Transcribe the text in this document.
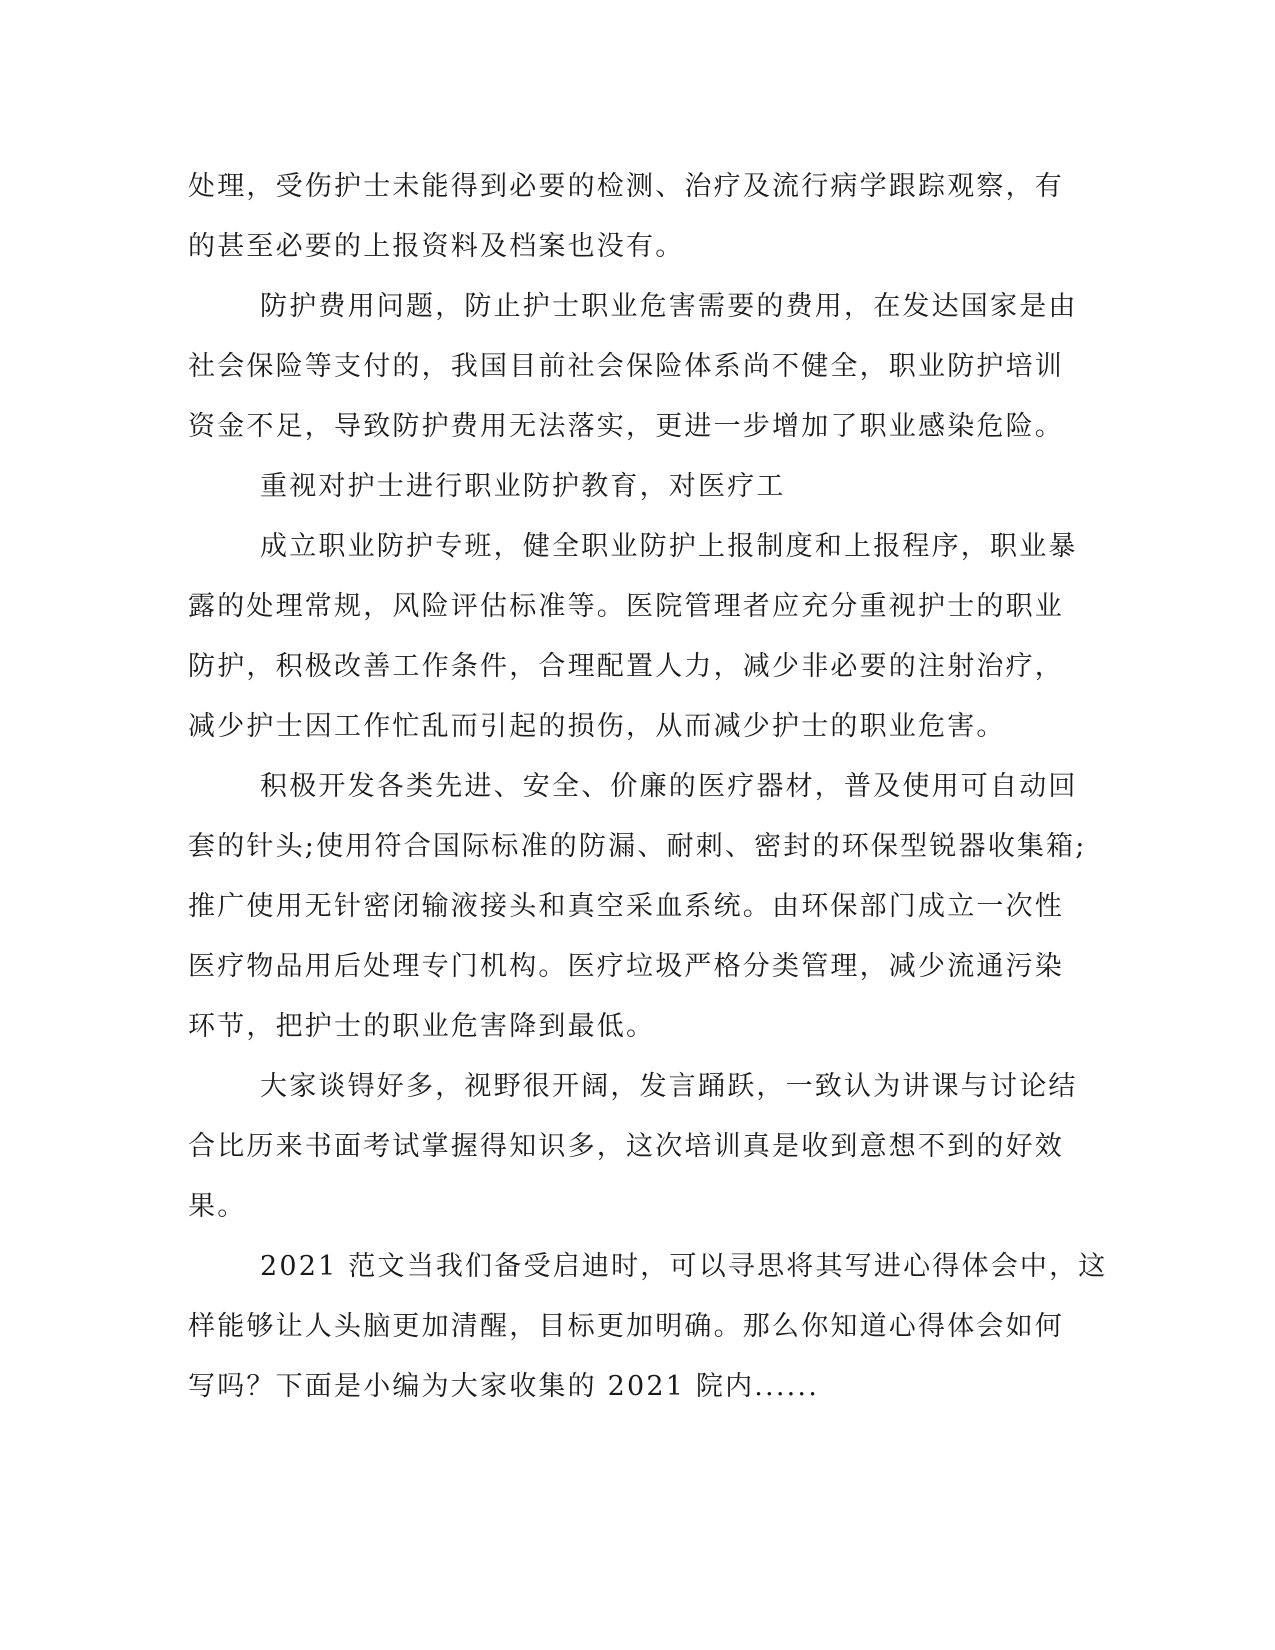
处理，受伤护士未能得到必要的检测、治疗及流行病学跟踪观察，有
的甚至必要的上报资料及档案也没有。
防护费用问题，防止护士职业危害需要的费用，在发达国家是由
社会保险等支付的，我国目前社会保险体系尚不健全，职业防护培训
资金不足，导致防护费用无法落实，更进一步增加了职业感染危险。
重视对护士进行职业防护教育，对医疗工
成立职业防护专班，健全职业防护上报制度和上报程序，职业暴
露的处理常规，风险评估标准等。医院管理者应充分重视护士的职业
防护，积极改善工作条件，合理配置人力，减少非必要的注射治疗，
减少护士因工作忙乱而引起的损伤，从而减少护士的职业危害。
积极开发各类先进、安全、价廉的医疗器材，普及使用可自动回
套的针头;使用符合国际标准的防漏、耐刺、密封的环保型锐器收集箱;
推广使用无针密闭输液接头和真空采血系统。由环保部门成立一次性
医疗物品用后处理专门机构。医疗垃圾严格分类管理，减少流通污染
环节，把护士的职业危害降到最低。
大家谈锝好多，视野很开阔，发言踊跃，一致认为讲课与讨论结
合比历来书面考试掌握得知识多，这次培训真是收到意想不到的好效
果。
2021 范文当我们备受启迪时，可以寻思将其写进心得体会中，这
样能够让人头脑更加清醒，目标更加明确。那么你知道心得体会如何
写吗？下面是小编为大家收集的 2021 院内......
